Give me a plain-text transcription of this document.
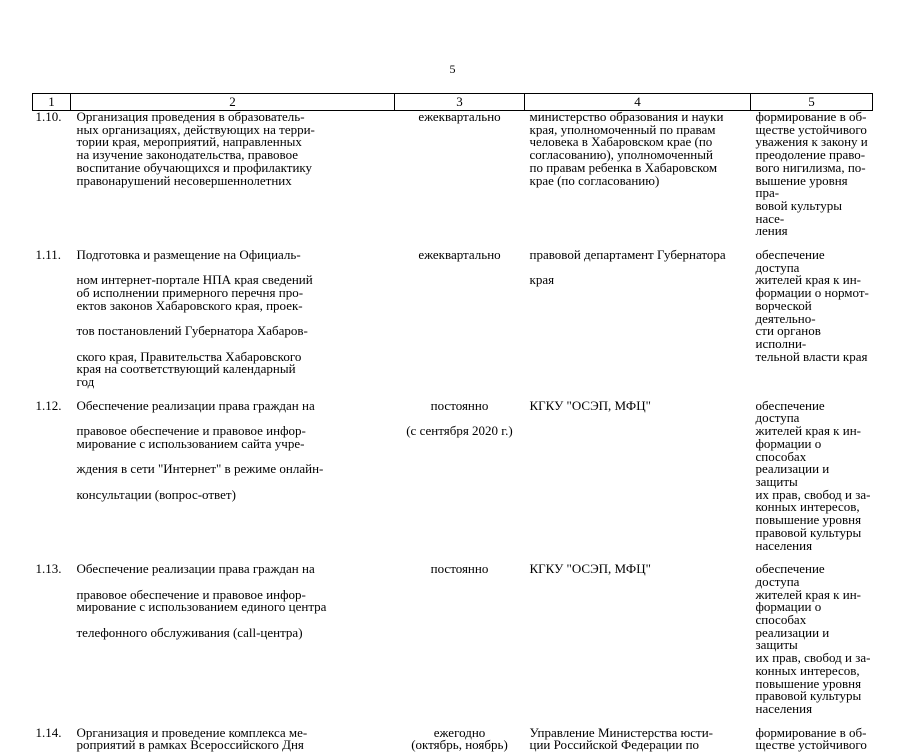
5
1	2	3	4	5
1.10.	Организация проведения в образователь-	ежеквартально	министерство образования и науки	формирование в об-
	ных организациях, действующих на терри-		края, уполномоченный по правам	ществе устойчивого
	тории края, мероприятий, направленных		человека в Хабаровском крае (по	уважения к закону и
	на изучение законодательства, правовое		согласованию), уполномоченный	преодоление право-
	воспитание обучающихся и профилактику		по правам ребенка в Хабаровском	вого нигилизма, по-
	правонарушений несовершеннолетних		крае (по согласованию)	вышение уровня пра-
				вовой культуры насе-
				ления

1.11.	Подготовка и размещение на Официаль-	ежеквартально	правовой департамент Губернатора	обеспечение доступа
	ном интернет-портале НПА края сведений		края	жителей края к ин-
	об исполнении примерного перечня про-			формации о нормот-
	ектов законов Хабаровского края, проек-			ворческой деятельно-
	тов постановлений Губернатора Хабаров-			сти органов исполни-
	ского края, Правительства Хабаровского			тельной власти края
	края на соответствующий календарный			
	год			

1.12.	Обеспечение реализации права граждан на	постоянно	КГКУ "ОСЭП, МФЦ"	обеспечение доступа
	правовое обеспечение и правовое инфор-	(с сентября 2020 г.)		жителей края к ин-
	мирование с использованием сайта учре-			формации о способах
	ждения в сети "Интернет" в режиме онлайн-			реализации и защиты
	консультации (вопрос-ответ)			их прав, свобод и за-
				конных интересов,
				повышение уровня
				правовой культуры
				населения

1.13.	Обеспечение реализации права граждан на	постоянно	КГКУ "ОСЭП, МФЦ"	обеспечение доступа
	правовое обеспечение и правовое инфор-			жителей края к ин-
	мирование с использованием единого центра			формации о способах
	телефонного обслуживания (call-центра)			реализации и защиты
				их прав, свобод и за-
				конных интересов,
				повышение уровня
				правовой культуры
				населения

1.14.	Организация и проведение комплекса ме-	ежегодно	Управление Министерства юсти-	формирование в об-
	роприятий в рамках Всероссийского Дня	(октябрь, ноябрь)	ции Российской Федерации по	ществе устойчивого
